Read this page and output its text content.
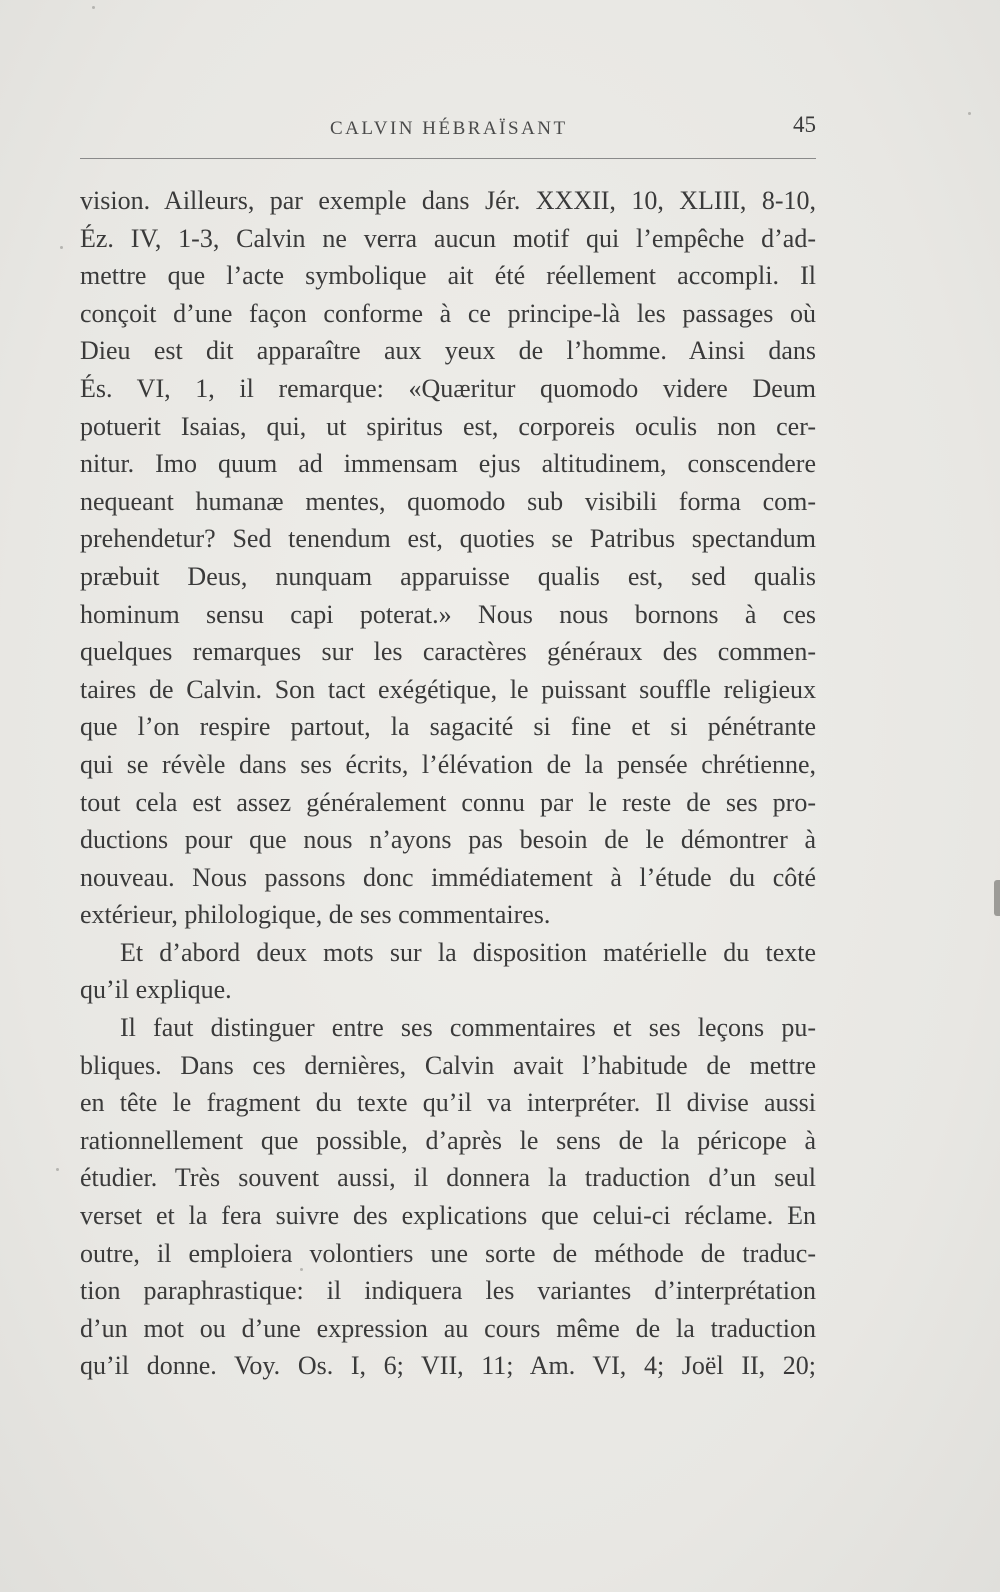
CALVIN HÉBRAÏSANT	45
vision. Ailleurs, par exemple dans Jér. XXXII, 10, XLIII, 8-10,
Éz. IV, 1-3, Calvin ne verra aucun motif qui l’empêche d’ad-
mettre que l’acte symbolique ait été réellement accompli. Il
conçoit d’une façon conforme à ce principe-là les passages où
Dieu est dit apparaître aux yeux de l’homme. Ainsi dans
És. VI, 1, il remarque: «Quæritur quomodo videre Deum
potuerit Isaias, qui, ut spiritus est, corporeis oculis non cer-
nitur. Imo quum ad immensam ejus altitudinem, conscendere
nequeant humanæ mentes, quomodo sub visibili forma com-
prehendetur? Sed tenendum est, quoties se Patribus spectandum
præbuit Deus, nunquam apparuisse qualis est, sed qualis
hominum sensu capi poterat.» Nous nous bornons à ces
quelques remarques sur les caractères généraux des commen-
taires de Calvin. Son tact exégétique, le puissant souffle religieux
que l’on respire partout, la sagacité si fine et si pénétrante
qui se révèle dans ses écrits, l’élévation de la pensée chrétienne,
tout cela est assez généralement connu par le reste de ses pro-
ductions pour que nous n’ayons pas besoin de le démontrer à
nouveau. Nous passons donc immédiatement à l’étude du côté
extérieur, philologique, de ses commentaires.
Et d’abord deux mots sur la disposition matérielle du texte
qu’il explique.
Il faut distinguer entre ses commentaires et ses leçons pu-
bliques. Dans ces dernières, Calvin avait l’habitude de mettre
en tête le fragment du texte qu’il va interpréter. Il divise aussi
rationnellement que possible, d’après le sens de la péricope à
étudier. Très souvent aussi, il donnera la traduction d’un seul
verset et la fera suivre des explications que celui-ci réclame. En
outre, il emploiera volontiers une sorte de méthode de traduc-
tion paraphrastique: il indiquera les variantes d’interprétation
d’un mot ou d’une expression au cours même de la traduction
qu’il donne. Voy. Os. I, 6; VII, 11; Am. VI, 4; Joël II, 20;
